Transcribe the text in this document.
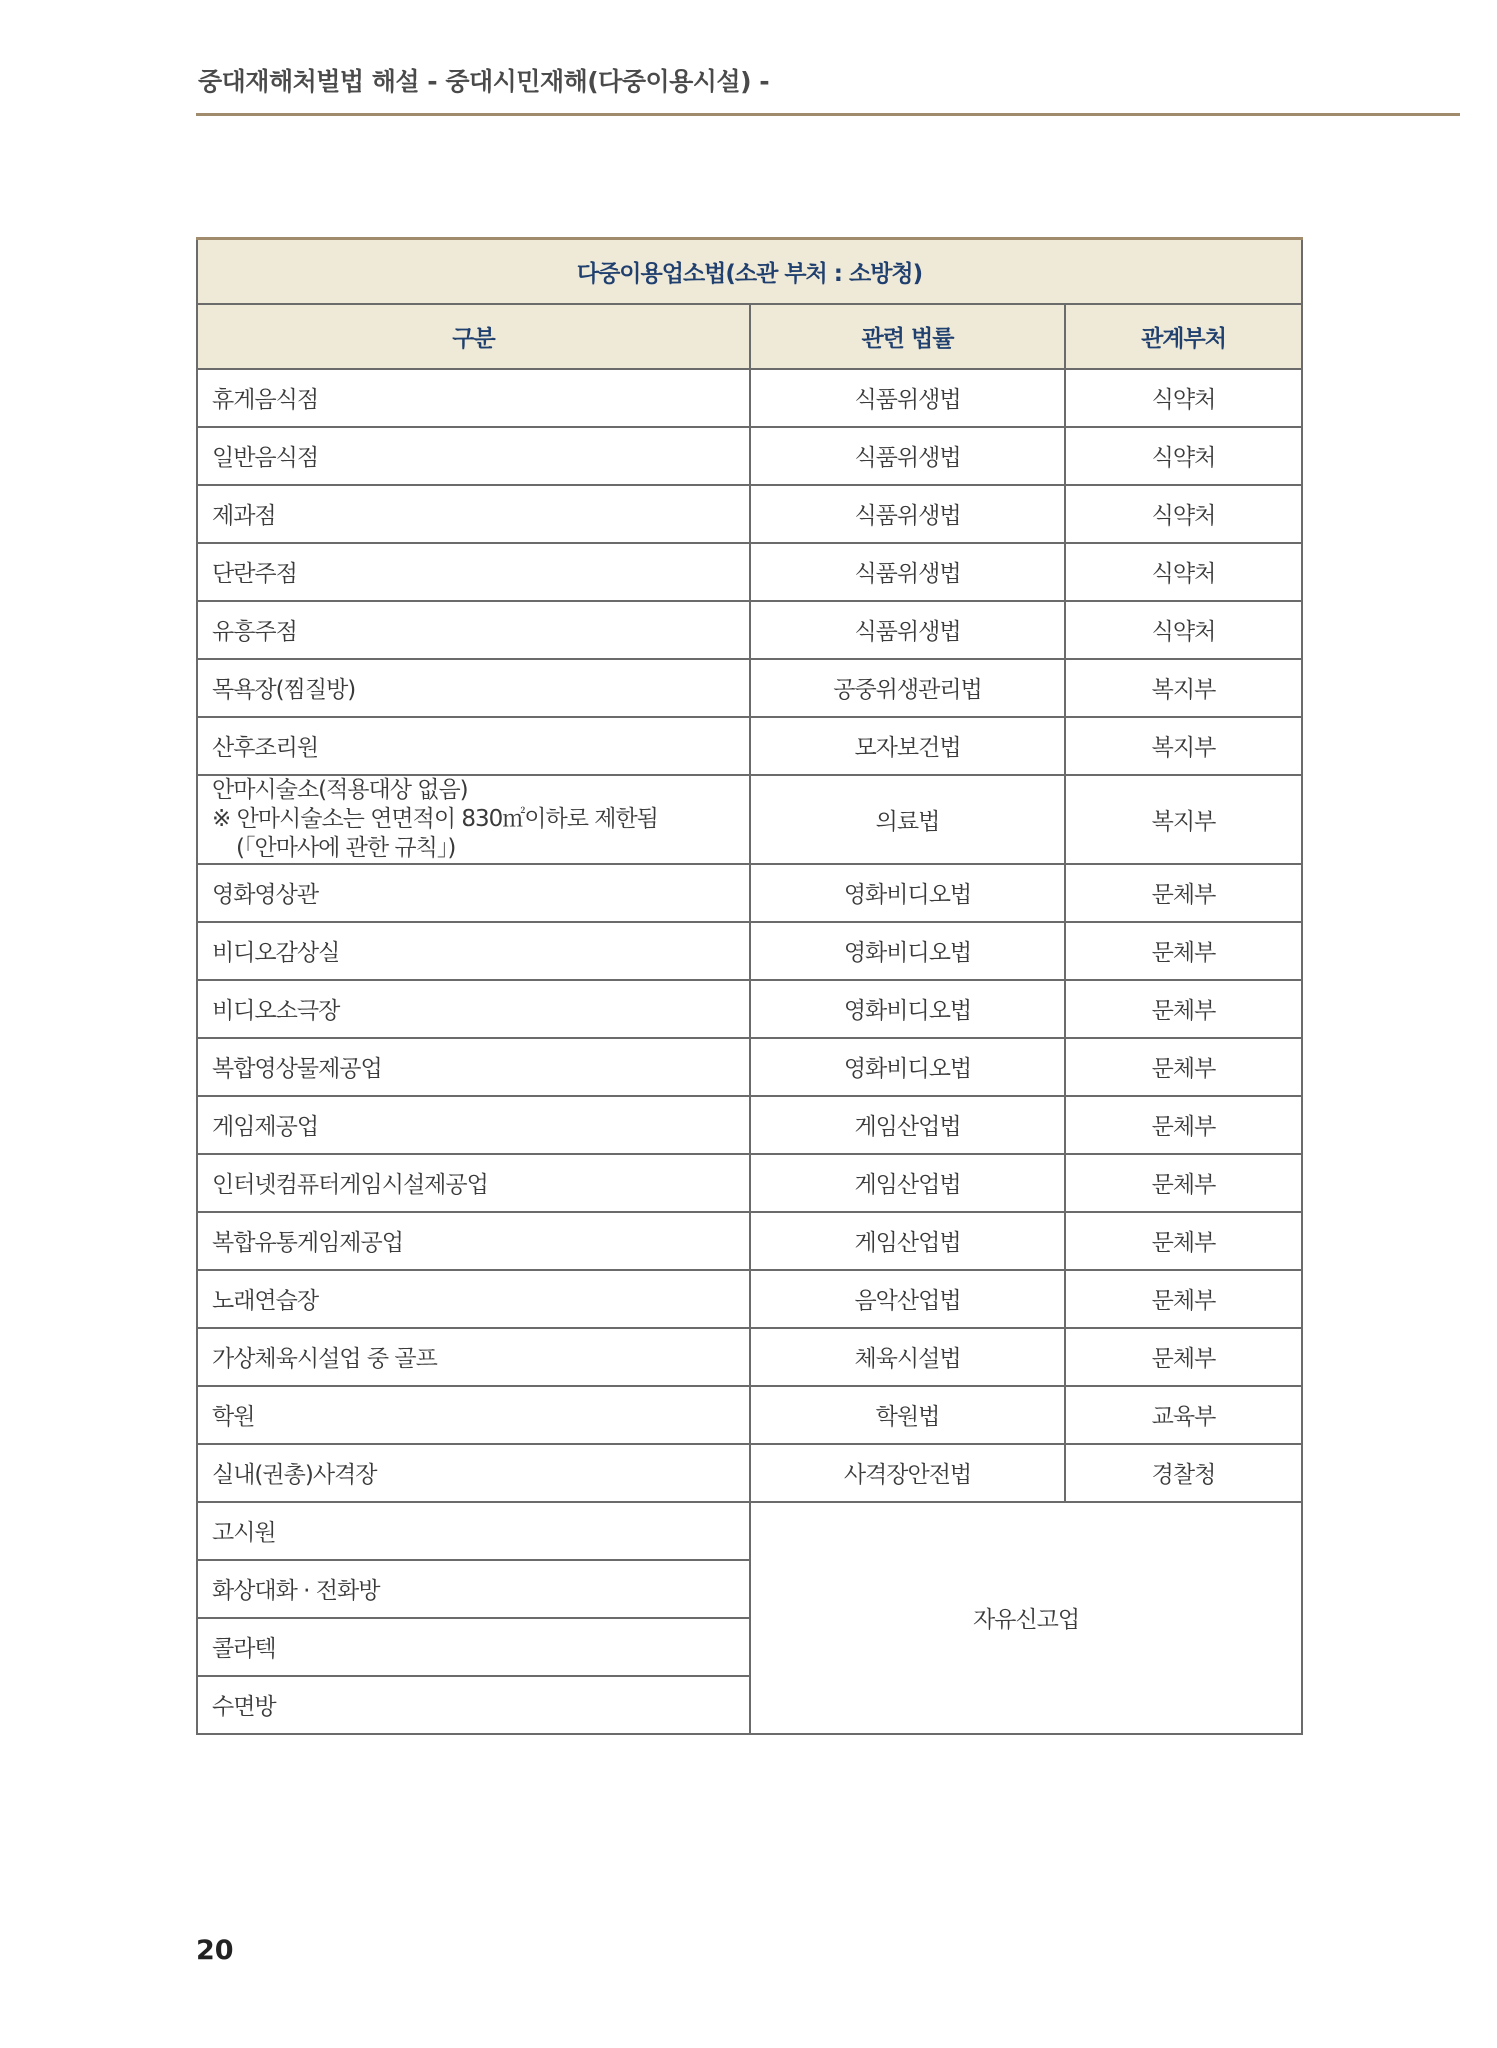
중대재해처벌법 해설 - 중대시민재해(다중이용시설) -
다중이용업소법(소관 부처 : 소방청)		
구분	관련 법률	관계부처
휴게음식점	식품위생법	식약처
일반음식점	식품위생법	식약처
제과점	식품위생법	식약처
단란주점	식품위생법	식약처
유흥주점	식품위생법	식약처
목욕장(찜질방)	공중위생관리법	복지부
산후조리원	모자보건법	복지부

안마시술소(적용대상 없음)
※ 안마시술소는 연면적이 830㎡이하로 제한됨
(「안마사에 관한 규칙」)	의료법	복지부
영화영상관	영화비디오법	문체부
비디오감상실	영화비디오법	문체부
비디오소극장	영화비디오법	문체부
복합영상물제공업	영화비디오법	문체부
게임제공업	게임산업법	문체부
인터넷컴퓨터게임시설제공업	게임산업법	문체부
복합유통게임제공업	게임산업법	문체부
노래연습장	음악산업법	문체부
가상체육시설업 중 골프	체육시설법	문체부
학원	학원법	교육부
실내(권총)사격장	사격장안전법	경찰청
고시원	자유신고업	
화상대화 · 전화방		
콜라텍		
수면방		
20
